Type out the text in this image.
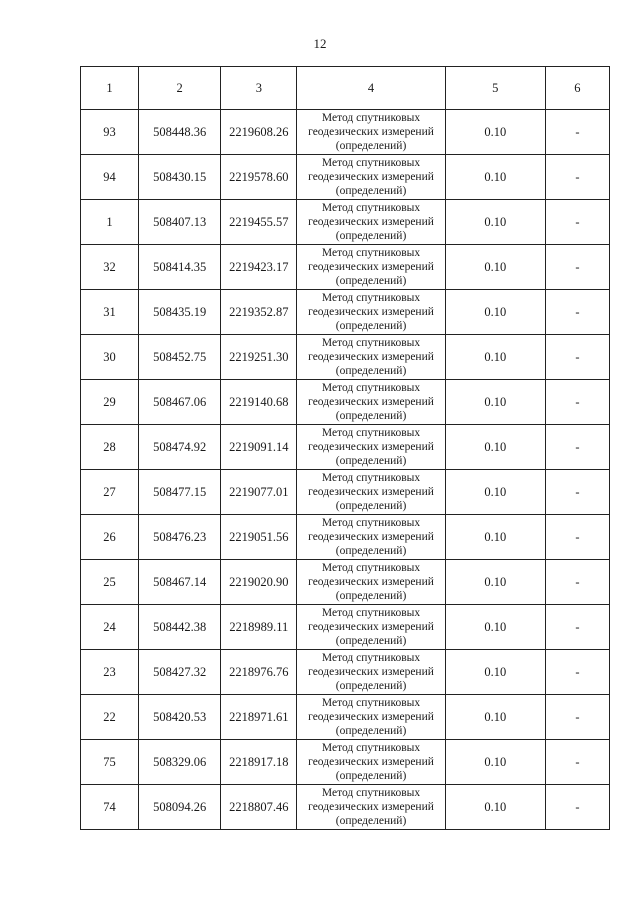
12
1	2	3	4	5	6
93	508448.36	2219608.26	Метод спутниковых
геодезических измерений
(определений)	0.10	-
94	508430.15	2219578.60	Метод спутниковых
геодезических измерений
(определений)	0.10	-
1	508407.13	2219455.57	Метод спутниковых
геодезических измерений
(определений)	0.10	-
32	508414.35	2219423.17	Метод спутниковых
геодезических измерений
(определений)	0.10	-
31	508435.19	2219352.87	Метод спутниковых
геодезических измерений
(определений)	0.10	-
30	508452.75	2219251.30	Метод спутниковых
геодезических измерений
(определений)	0.10	-
29	508467.06	2219140.68	Метод спутниковых
геодезических измерений
(определений)	0.10	-
28	508474.92	2219091.14	Метод спутниковых
геодезических измерений
(определений)	0.10	-
27	508477.15	2219077.01	Метод спутниковых
геодезических измерений
(определений)	0.10	-
26	508476.23	2219051.56	Метод спутниковых
геодезических измерений
(определений)	0.10	-
25	508467.14	2219020.90	Метод спутниковых
геодезических измерений
(определений)	0.10	-
24	508442.38	2218989.11	Метод спутниковых
геодезических измерений
(определений)	0.10	-
23	508427.32	2218976.76	Метод спутниковых
геодезических измерений
(определений)	0.10	-
22	508420.53	2218971.61	Метод спутниковых
геодезических измерений
(определений)	0.10	-
75	508329.06	2218917.18	Метод спутниковых
геодезических измерений
(определений)	0.10	-
74	508094.26	2218807.46	Метод спутниковых
геодезических измерений
(определений)	0.10	-
